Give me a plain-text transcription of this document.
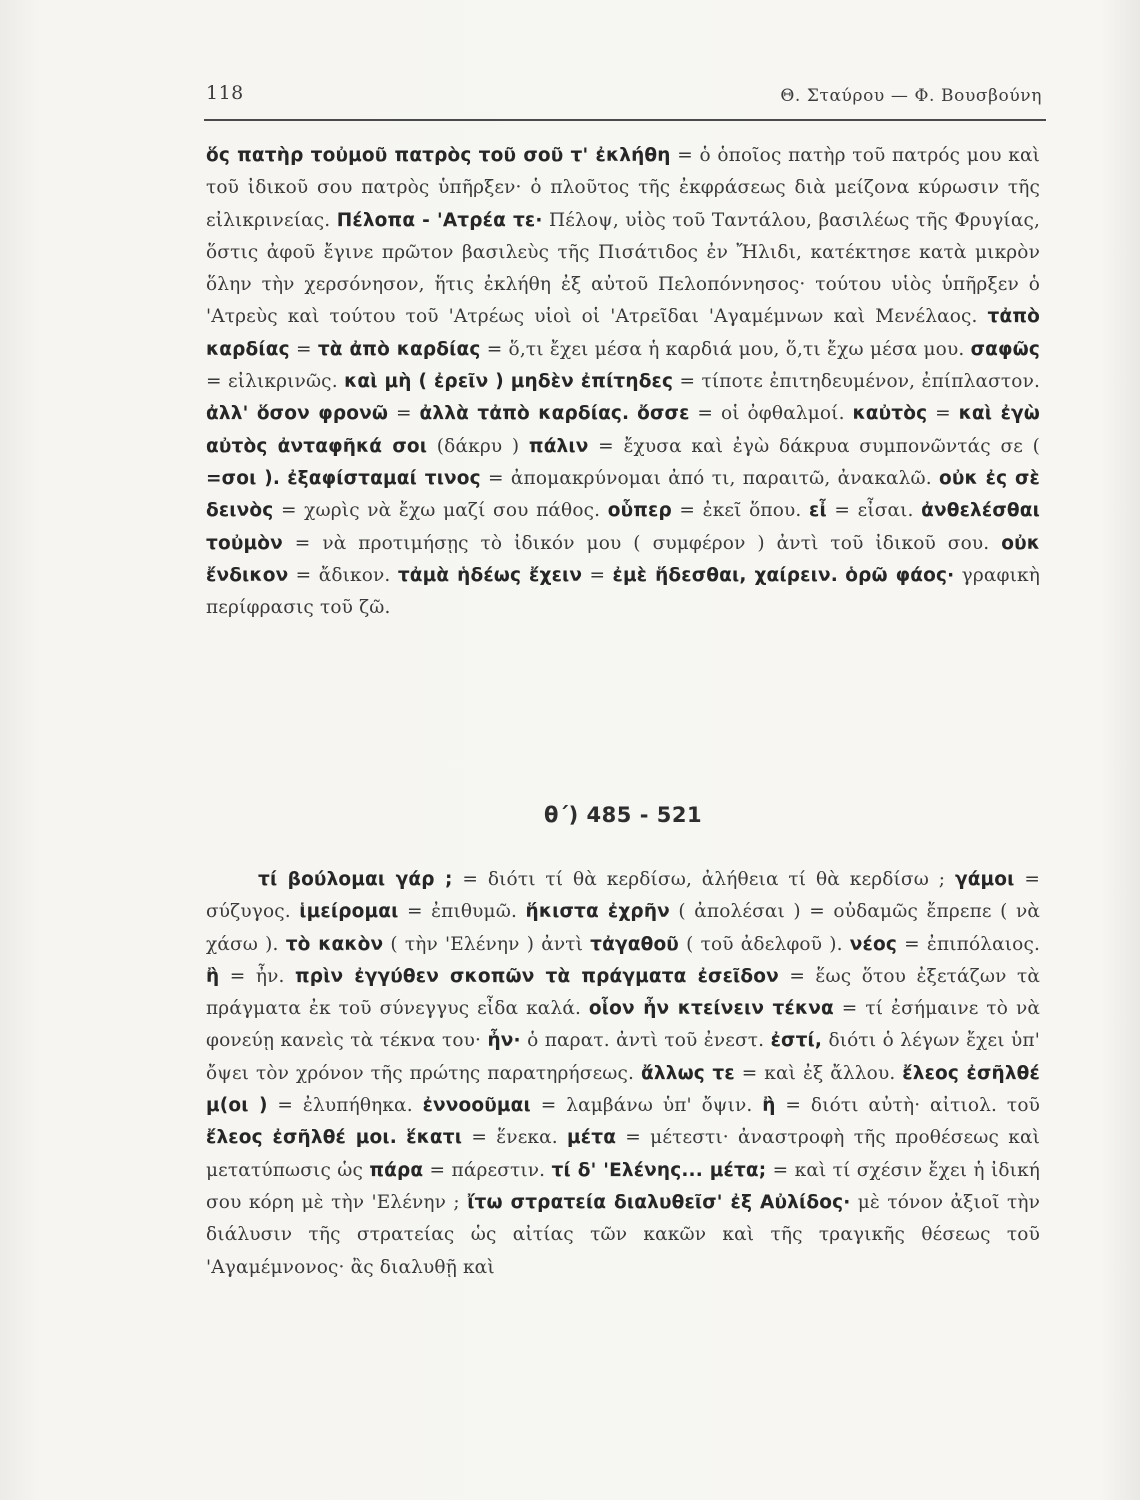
118	Θ. Σταύρου — Φ. Βουσβούνη

ὅς πατὴρ τοὐμοῦ πατρὸς τοῦ σοῦ τ' ἐκλήθη = ὁ ὁποῖος πατὴρ τοῦ πατρός μου καὶ τοῦ ἰδικοῦ σου πατρὸς ὑπῆρξεν· ὁ πλοῦτος τῆς ἐκφράσεως διὰ μείζονα κύρωσιν τῆς εἰλικρινείας. Πέλοπα - 'Ατρέα τε· Πέλοψ, υἱὸς τοῦ Ταντάλου, βασιλέως τῆς Φρυγίας, ὅστις ἀφοῦ ἔγινε πρῶτον βασιλεὺς τῆς Πισάτιδος ἐν Ἤλιδι, κατέκτησε κατὰ μικρὸν ὅλην τὴν χερσόνησον, ἥτις ἐκλήθη ἐξ αὐτοῦ Πελοπόννησος· τούτου υἱὸς ὑπῆρξεν ὁ 'Ατρεὺς καὶ τούτου τοῦ 'Ατρέως υἱοὶ οἱ 'Ατρεῖδαι 'Αγαμέμνων καὶ Μενέλαος. τἀπὸ καρδίας = τὰ ἀπὸ καρδίας = ὅ,τι ἔχει μέσα ἡ καρδιά μου, ὅ,τι ἔχω μέσα μου. σαφῶς = εἰλικρινῶς. καὶ μὴ ( ἐρεῖν ) μηδὲν ἐπίτηδες = τίποτε ἐπιτηδευμένον, ἐπίπλαστον. ἀλλ' ὅσον φρονῶ = ἀλλὰ τἀπὸ καρδίας. ὄσσε = οἱ ὀφθαλμοί. καὐτὸς = καὶ ἐγὼ αὐτὸς ἀνταφῆκά σοι (δάκρυ ) πάλιν = ἔχυσα καὶ ἐγὼ δάκρυα συμπονῶντάς σε ( =σοι ). ἐξαφίσταμαί τινος = ἀπομακρύνομαι ἀπό τι, παραιτῶ, ἀνακαλῶ. οὐκ ἐς σὲ δεινὸς = χωρὶς νὰ ἔχω μαζί σου πάθος. οὗπερ = ἐκεῖ ὅπου. εἶ = εἶσαι. ἀνθελέσθαι τοὐμὸν = νὰ προτιμήσῃς τὸ ἰδικόν μου ( συμφέρον ) ἀντὶ τοῦ ἰδικοῦ σου. οὐκ ἔνδικον = ἄδικον. τἀμὰ ἡδέως ἔχειν = ἐμὲ ἥδεσθαι, χαίρειν. ὁρῶ φάος· γραφικὴ περίφρασις τοῦ ζῶ.

θ΄) 485 - 521

τί βούλομαι γάρ ; = διότι τί θὰ κερδίσω, ἀλήθεια τί θὰ κερδίσω ; γάμοι = σύζυγος. ἱμείρομαι = ἐπιθυμῶ. ἥκιστα ἐχρῆν ( ἀπολέσαι ) = οὐδαμῶς ἔπρεπε ( νὰ χάσω ). τὸ κακὸν ( τὴν 'Ελένην ) ἀντὶ τἀγαθοῦ ( τοῦ ἀδελφοῦ ). νέος = ἐπιπόλαιος. ἢ = ἦν. πρὶν ἐγγύθεν σκοπῶν τὰ πράγματα ἐσεῖδον = ἕως ὅτου ἐξετάζων τὰ πράγματα ἐκ τοῦ σύνεγγυς εἶδα καλά. οἷον ἦν κτείνειν τέκνα = τί ἐσήμαινε τὸ νὰ φονεύῃ κανεὶς τὰ τέκνα του· ἦν· ὁ παρατ. ἀντὶ τοῦ ἐνεστ. ἐστί, διότι ὁ λέγων ἔχει ὑπ' ὄψει τὸν χρόνον τῆς πρώτης παρατηρήσεως. ἄλλως τε = καὶ ἐξ ἄλλου. ἔλεος ἐσῆλθέ μ(οι ) = ἐλυπήθηκα. ἐννοοῦμαι = λαμβάνω ὑπ' ὄψιν. ἢ = διότι αὐτὴ· αἰτιολ. τοῦ ἔλεος ἐσῆλθέ μοι. ἕκατι = ἕνεκα. μέτα = μέτεστι· ἀναστροφὴ τῆς προθέσεως καὶ μετατύπωσις ὡς πάρα = πάρεστιν. τί δ' 'Ελένης... μέτα; = καὶ τί σχέσιν ἔχει ἡ ἰδική σου κόρη μὲ τὴν 'Ελένην ; ἴτω στρατεία διαλυθεῖσ' ἐξ Αὐλίδος· μὲ τόνον ἀξιοῖ τὴν διάλυσιν τῆς στρατείας ὡς αἰτίας τῶν κακῶν καὶ τῆς τραγικῆς θέσεως τοῦ 'Αγαμέμνονος· ἂς διαλυθῇ καὶ
